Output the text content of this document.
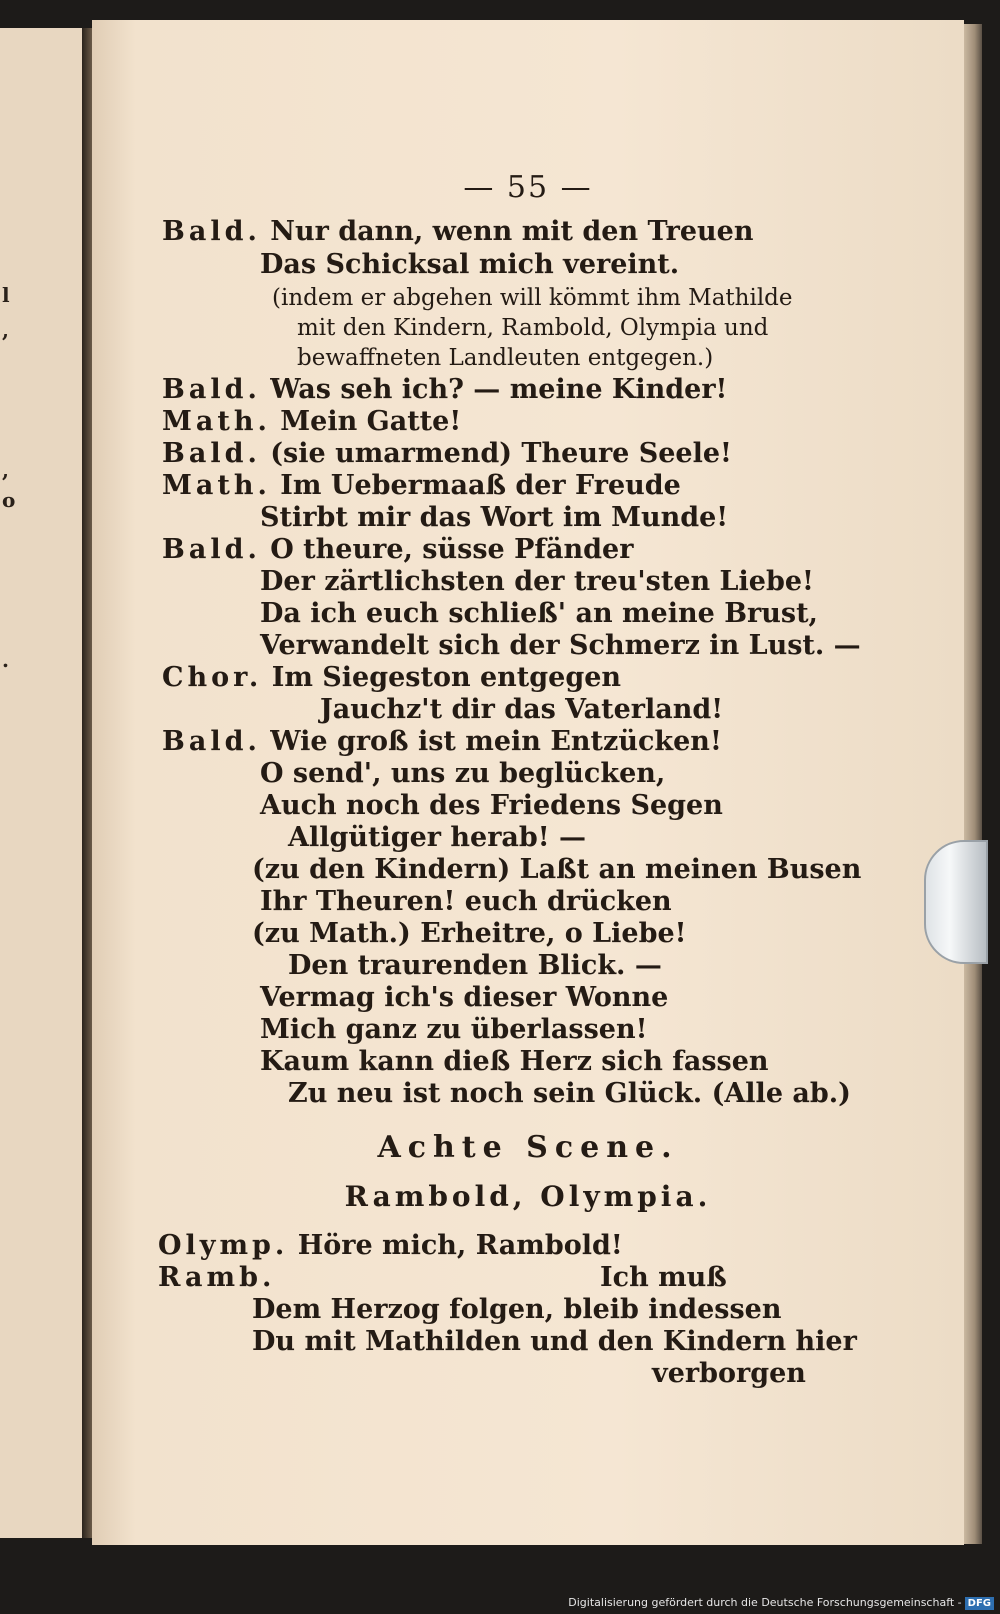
l
,
,
o
.
— 55 —
Bald. Nur dann, wenn mit den Treuen
Das Schicksal mich vereint.
(indem er abgehen will kömmt ihm Mathilde
mit den Kindern, Rambold, Olympia und
bewaffneten Landleuten entgegen.)
Bald. Was seh ich? — meine Kinder!
Math. Mein Gatte!
Bald. (sie umarmend) Theure Seele!
Math. Im Uebermaaß der Freude
Stirbt mir das Wort im Munde!
Bald. O theure, süsse Pfänder
Der zärtlichsten der treu'sten Liebe!
Da ich euch schließ' an meine Brust,
Verwandelt sich der Schmerz in Lust. —
Chor. Im Siegeston entgegen
Jauchz't dir das Vaterland!
Bald. Wie groß ist mein Entzücken!
O send', uns zu beglücken,
Auch noch des Friedens Segen
Allgütiger herab! —
(zu den Kindern) Laßt an meinen Busen
Ihr Theuren! euch drücken
(zu Math.) Erheitre, o Liebe!
Den traurenden Blick. —
Vermag ich's dieser Wonne
Mich ganz zu überlassen!
Kaum kann dieß Herz sich fassen
Zu neu ist noch sein Glück. (Alle ab.)
Achte Scene.
Rambold, Olympia.
Olymp. Höre mich, Rambold!
Ramb.	Ich muß
Dem Herzog folgen, bleib indessen
Du mit Mathilden und den Kindern hier
verborgen
Digitalisierung gefördert durch die Deutsche Forschungsgemeinschaft - DFG
